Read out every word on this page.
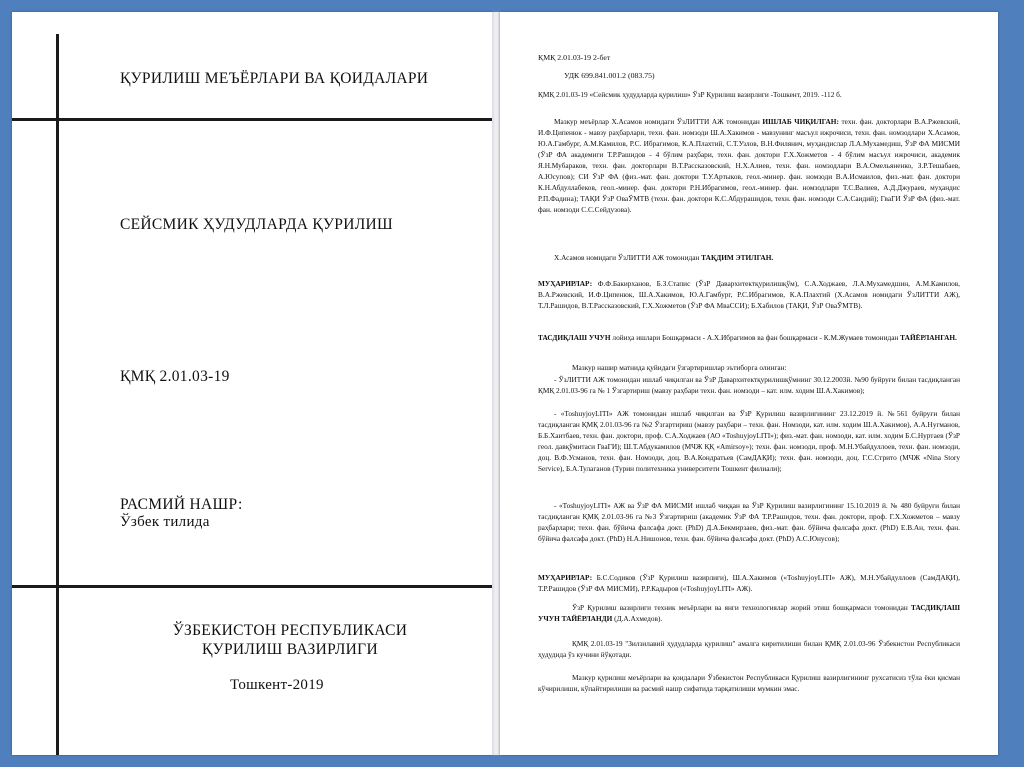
ҚУРИЛИШ МЕЪЁРЛАРИ ВА ҚОИДАЛАРИ
СЕЙСМИК ҲУДУДЛАРДА ҚУРИЛИШ
ҚМҚ 2.01.03-19
РАСМИЙ НАШР:
Ўзбек тилида
ЎЗБЕКИСТОН РЕСПУБЛИКАСИ
ҚУРИЛИШ ВАЗИРЛИГИ
Тошкент-2019
ҚМҚ 2.01.03-19 2-бет
УДК 699.841.001.2 (083.75)
ҚМҚ 2.01.03-19 «Сейсмик ҳудудларда қурилиш» ЎзР Қурилиш вазирлиги -Тошкент, 2019. -112 б.

Мазкур меъёрлар Х.Асамов номидаги ЎзЛИТТИ АЖ томонидан ИШЛАБ ЧИҚИЛГАН: техн. фан. докторлари В.А.Ржевский, И.Ф.Ципенюк - мавзу раҳбарлари, техн. фан. номзоди Ш.А.Хакимов - мавзунинг масъул ижрочиси, техн. фан. номзодлари Х.Асамов, Ю.А.Гамбург, А.М.Камилов, Р.С. Ибрагимов, К.А.Плахтий, С.Т.Узлов, В.Н.Филянич, муҳандислар Л.А.Мухамедиш, ЎзР ФА МИСМИ (ЎзР ФА академиги Т.Р.Рашидов - 4 бўлим раҳбари, техн. фан. доктори Г.Х.Хожметов - 4 бўлим масъул ижрочиси, академик Я.Н.Мубараков, техн. фан. докторлари В.Т.Рассказовский, Н.Х.Алиев, техн. фан. номзодлари В.А.Омельяненко, З.Р.Тешабаев, А.Юсупов); СИ ЎзР ФА (физ.-мат. фан. доктори Т.У.Артыков, геол.-минер. фан. номзоди В.А.Исмаилов, физ.-мат. фан. доктори К.Н.Абдуллабеков, геол.-минер. фан. доктори Р.Н.Ибрагимов, геол.-минер. фан. номзодлари Т.С.Валиев, А.Д.Джураев, муҳандис Р.П.Фадина); ТАҚИ ЎзР ОваЎМТВ (техн. фан. доктори К.С.Абдурашидов, техн. фан. номзоди С.А.Саидий); ГваГИ ЎзР ФА (физ.-мат. фан. номзоди С.С.Сейдузова).

Х.Асамов номидаги ЎзЛИТТИ АЖ томонидан ТАҚДИМ ЭТИЛГАН.

МУҲАРИРЛАР: Ф.Ф.Бакирханов, Б.З.Стапис (ЎзР Давархитектқурилишқўм), С.А.Ходжаев, Л.А.Мухамедшин, А.М.Камилов, В.А.Ржевский, И.Ф.Ципенюк, Ш.А.Хакимов, Ю.А.Гамбург, Р.С.Ибрагимов, К.А.Плахтий (Х.Асамов номидаги ЎзЛИТТИ АЖ), Т.Л.Рашидов, В.Т.Рассказовский, Г.Х.Хожметов (ЎзР ФА МваССИ); Б.Хабилов (ТАҚИ, ЎзР ОваЎМТВ).

ТАСДИҚЛАШ УЧУН лойиҳа ишлари Бошқармаси - А.Х.Ибрагимов ва фан бошқармаси - К.М.Жумаев томонидан ТАЙЁРЛАНГАН.

Мазкур нашир матнида қуйидаги ўзгартиришлар эътиборга олинган:
- ЎзЛИТТИ АЖ томонидан ишлаб чиқилган ва ЎзР Давархитектқурилишқўмнинг 30.12.2003й. №90 буйруғи билан тасдиқланган ҚМҚ 2.01.03-96 га № 1 Ўзгартириш (мавзу раҳбари техн. фан. номзоди – кат. илм. ходим Ш.А.Хакимов);
- «ToshuyjoyLITI» АЖ томонидан ишлаб чиқилган ва ЎзР Қурилиш вазирлигининг 23.12.2019 й. №561 буйруғи билан тасдиқланган ҚМҚ 2.01.03-96 га №2 Ўзгартириш (мавзу раҳбари – техн. фан. Номзоди, кат. илм. ходим Ш.А.Хакимов), А.А.Нугманов, Б.Б.Хаитбаев, техн. фан. доктори, проф. С.А.Ходжаев (АО «ToshuyjoyLITI»); физ.-мат. фан. номзоди, кат. илм. ходим Б.С.Нуртаев (ЎзР геол. давқўмитаси ГваГИ); Ш.Т.Абдукамилов (МЧЖ ҚҚ «Amirsoy»); техн. фан. номзоди, проф. М.Н.Убайдуллоев, техн. фан. номзоди, доц. В.Ф.Усманов, техн. фан. Номзоди, доц. В.А.Кондратьев (СамДАҚИ); техн. фан. номзоди, доц. Г.С.Стрито (МЧЖ «Nina Story Service), Б.А.Тулаганов (Турин политехника университети Тошкент филиали);
- «ToshuyjoyLITI» АЖ ва ЎзР ФА МИСМИ ишлаб чиққан ва ЎзР Қурилиш вазирлигининг 15.10.2019 й. № 480 буйруғи билан тасдиқланган ҚМҚ 2.01.03-96 га №3 Ўзгартириш (академик ЎзР ФА Т.Р.Рашидов, техн. фан. доктори, проф. Г.Х.Хожметов – мавзу раҳбарлари; техн. фан. бўйича фалсафа докт. (PhD) Д.А.Бекмирзаев, физ.-мат. фан. бўйича фалсафа докт. (PhD) Е.В.Ан, техн. фан. бўйича фалсафа докт. (PhD) Н.А.Нишонов, техн. фан. бўйича фалсафа докт. (PhD) А.С.Юнусов);

МУҲАРИРЛАР: Б.С.Содиков (ЎзР Қурилиш вазирлиги), Ш.А.Хакимов («ToshuyjoyLITI» АЖ), М.Н.Убайдуллоев (СамДАҚИ), Т.Р.Рашидов (ЎзР ФА МИСМИ), Р.Р.Кадыров («ToshuyjoyLITI» АЖ).

ЎзР Қурилиш вазирлиги техник меъёрлари ва янги технологиялар жорий этиш бошқармаси томонидан ТАСДИҚЛАШ УЧУН ТАЙЁРЛАНДИ (Д.А.Ахмедов).

ҚМҚ 2.01.03-19 "Зилзилавий ҳудудларда қурилиш" амалга киритилиши билан ҚМҚ 2.01.03-96 Ўзбекистон Республикаси ҳудудида ўз кучини йўқотади.
Мазкур қурилиш меъёрлари ва қоидалари Ўзбекистон Республикаси Қурилиш вазирлигининг рухсатисиз тўла ёки қисман кўчирилиши, кўпайтирилиши ва расмий нашр сифатида тарқатилиши мумкин эмас.
